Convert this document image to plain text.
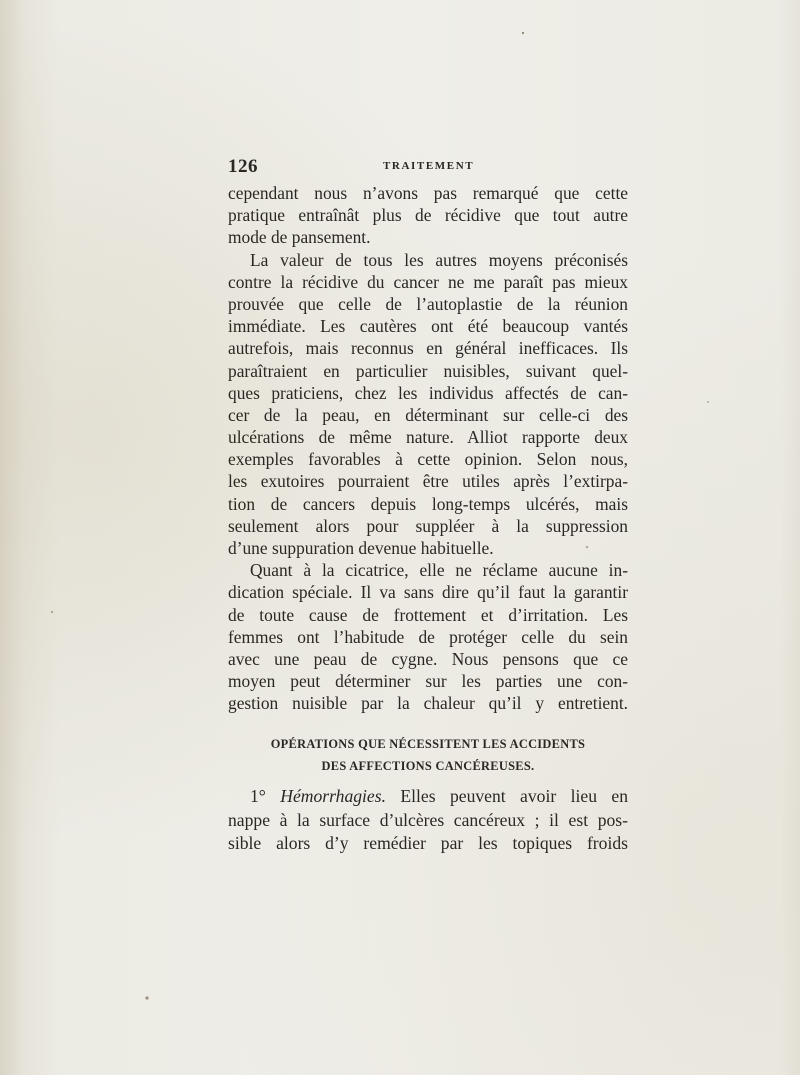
126	TRAITEMENT
cependant nous n’avons pas remarqué que cette
pratique entraînât plus de récidive que tout autre
mode de pansement.
La valeur de tous les autres moyens préconisés
contre la récidive du cancer ne me paraît pas mieux
prouvée que celle de l’autoplastie de la réunion
immédiate. Les cautères ont été beaucoup vantés
autrefois, mais reconnus en général inefficaces. Ils
paraîtraient en particulier nuisibles, suivant quel-
ques praticiens, chez les individus affectés de can-
cer de la peau, en déterminant sur celle-ci des
ulcérations de même nature. Alliot rapporte deux
exemples favorables à cette opinion. Selon nous,
les exutoires pourraient être utiles après l’extirpa-
tion de cancers depuis long-temps ulcérés, mais
seulement alors pour suppléer à la suppression
d’une suppuration devenue habituelle.
Quant à la cicatrice, elle ne réclame aucune in-
dication spéciale. Il va sans dire qu’il faut la garantir
de toute cause de frottement et d’irritation. Les
femmes ont l’habitude de protéger celle du sein
avec une peau de cygne. Nous pensons que ce
moyen peut déterminer sur les parties une con-
gestion nuisible par la chaleur qu’il y entretient.
OPÉRATIONS QUE NÉCESSITENT LES ACCIDENTS
DES AFFECTIONS CANCÉREUSES.
1° Hémorrhagies. Elles peuvent avoir lieu en
nappe à la surface d’ulcères cancéreux ; il est pos-
sible alors d’y remédier par les topiques froids
